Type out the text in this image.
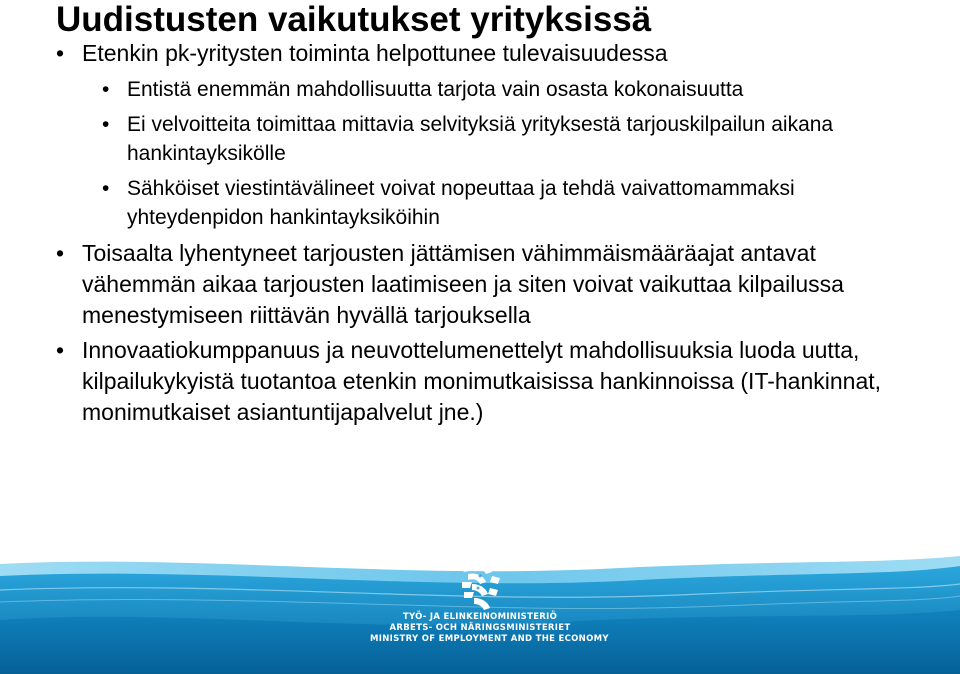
Uudistusten vaikutukset yrityksissä
• Etenkin pk-yritysten toiminta helpottunee tulevaisuudessa
• Entistä enemmän mahdollisuutta tarjota vain osasta kokonaisuutta
• Ei velvoitteita toimittaa mittavia selvityksiä yrityksestä tarjouskilpailun aikana hankintayksikölle
• Sähköiset viestintävälineet voivat nopeuttaa ja tehdä vaivattomammaksi yhteydenpidon hankintayksiköihin
• Toisaalta lyhentyneet tarjousten jättämisen vähimmäismääräajat antavat vähemmän aikaa tarjousten laatimiseen ja siten voivat vaikuttaa kilpailussa menestymiseen riittävän hyvällä tarjouksella
• Innovaatiokumppanuus ja neuvottelumenettelyt mahdollisuuksia luoda uutta, kilpailukykyistä tuotantoa etenkin monimutkaisissa hankinnoissa (IT-hankinnat, monimutkaiset asiantuntijapalvelut jne.)
TYÖ- JA ELINKEINOMINISTERIÖ
ARBETS- OCH NÄRINGSMINISTERIET
MINISTRY OF EMPLOYMENT AND THE ECONOMY
